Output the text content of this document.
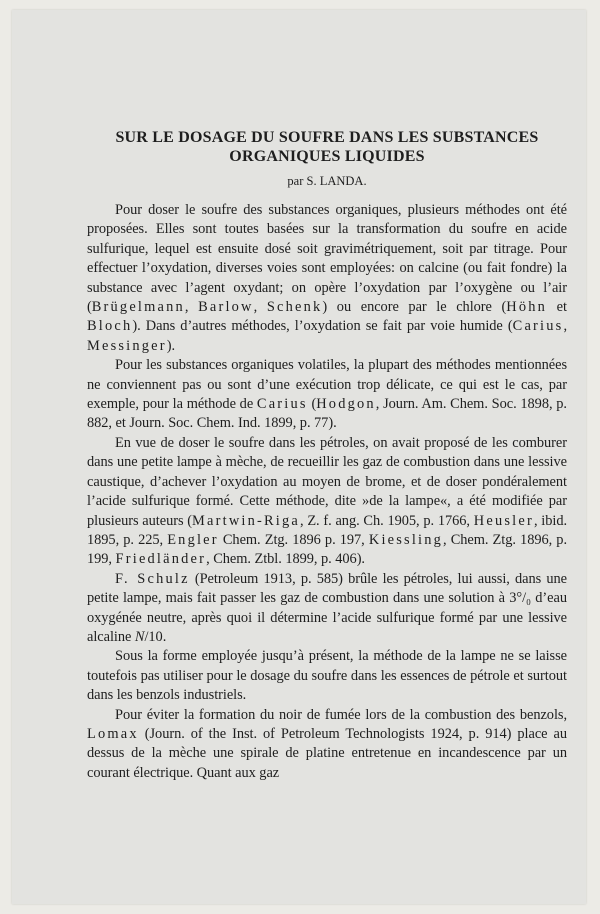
SUR LE DOSAGE DU SOUFRE DANS LES SUBSTANCES
ORGANIQUES LIQUIDES

par S. LANDA.

Pour doser le soufre des substances organiques, plusieurs méthodes ont été proposées. Elles sont toutes basées sur la transformation du soufre en acide sulfurique, lequel est ensuite dosé soit gravimétriquement, soit par titrage. Pour effectuer l’oxydation, diverses voies sont employées: on calcine (ou fait fondre) la substance avec l’agent oxydant; on opère l’oxydation par l’oxygène ou l’air (Brügelmann, Barlow, Schenk) ou encore par le chlore (Höhn et Bloch). Dans d’autres méthodes, l’oxydation se fait par voie humide (Carius, Messinger).

Pour les substances organiques volatiles, la plupart des méthodes mentionnées ne conviennent pas ou sont d’une exécution trop délicate, ce qui est le cas, par exemple, pour la méthode de Carius (Hodgon, Journ. Am. Chem. Soc. 1898, p. 882, et Journ. Soc. Chem. Ind. 1899, p. 77).

En vue de doser le soufre dans les pétroles, on avait proposé de les comburer dans une petite lampe à mèche, de recueillir les gaz de combustion dans une lessive caustique, d’achever l’oxydation au moyen de brome, et de doser pondéralement l’acide sulfurique formé. Cette méthode, dite »de la lampe«, a été modifiée par plusieurs auteurs (Martwin-Riga, Z. f. ang. Ch. 1905, p. 1766, Heusler, ibid. 1895, p. 225, Engler Chem. Ztg. 1896 p. 197, Kiessling, Chem. Ztg. 1896, p. 199, Friedländer, Chem. Ztbl. 1899, p. 406).

F. Schulz (Petroleum 1913, p. 585) brûle les pétroles, lui aussi, dans une petite lampe, mais fait passer les gaz de combustion dans une solution à 3°/₀ d’eau oxygénée neutre, après quoi il détermine l’acide sulfurique formé par une lessive alcaline N/10.

Sous la forme employée jusqu’à présent, la méthode de la lampe ne se laisse toutefois pas utiliser pour le dosage du soufre dans les essences de pétrole et surtout dans les benzols industriels.

Pour éviter la formation du noir de fumée lors de la combustion des benzols, Lomax (Journ. of the Inst. of Petroleum Technologists 1924, p. 914) place au dessus de la mèche une spirale de platine entretenue en incandescence par un courant électrique. Quant aux gaz
